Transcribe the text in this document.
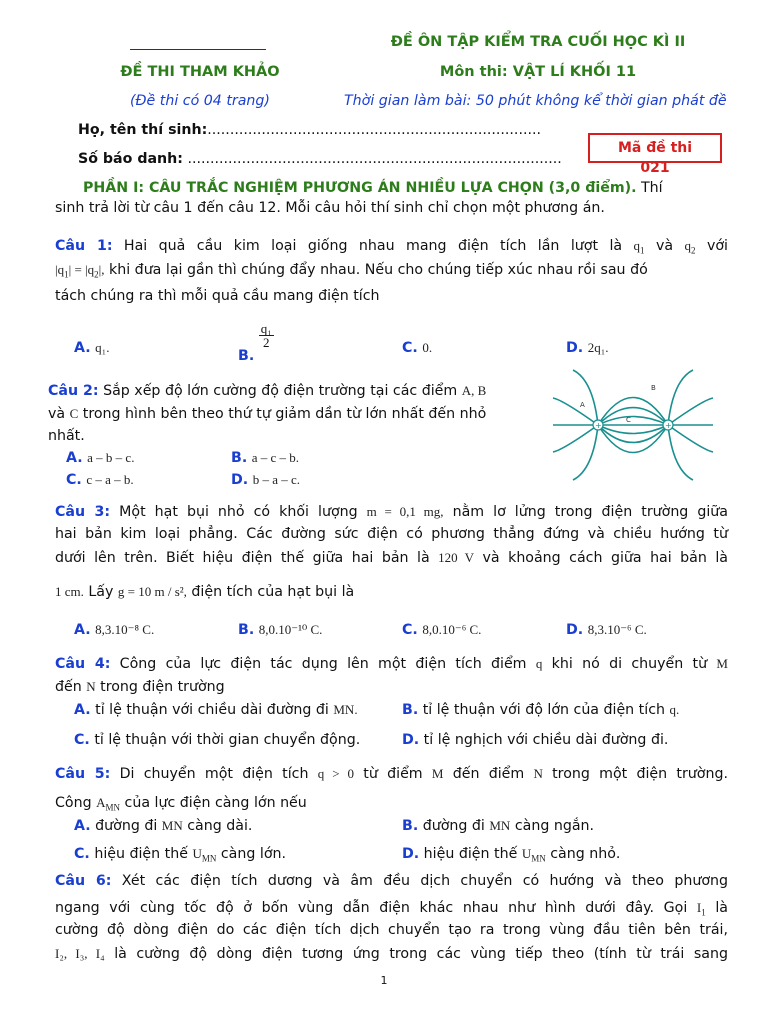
ĐỀ THI THAM KHẢO
(Đề thi có 04 trang)
ĐỀ ÔN TẬP KIỂM TRA CUỐI HỌC KÌ II
Môn thi: VẬT LÍ KHỐI 11
Thời gian làm bài: 50 phút không kể thời gian phát đề
Họ, tên thí sinh:..........................................................................
Số báo danh: ...................................................................................
Mã đề thi
021
PHẦN I: CÂU TRẮC NGHIỆM PHƯƠNG ÁN NHIỀU LỰA CHỌN (3,0 điểm). Thí
sinh trả lời từ câu 1 đến câu 12. Mỗi câu hỏi thí sinh chỉ chọn một phương án.
Câu 1: Hai quả cầu kim loại giống nhau mang điện tích lần lượt là $q_1$ và $q_2$ với
$|q_1| = |q_2|$, khi đưa lại gần thì chúng đẩy nhau. Nếu cho chúng tiếp xúc nhau rồi sau đó
tách chúng ra thì mỗi quả cầu mang điện tích
A. q₁.	B.
$\frac{\text{q₁}}{2}$	C. 0.	D. 2q₁.
Câu 2: Sắp xếp độ lớn cường độ điện trường tại các điểm A, B
và C trong hình bên theo thứ tự giảm dần từ lớn nhất đến nhỏ
nhất.
A. a – b – c.	B. a – c – b.
C. c – a – b.	D. b – a – c.
+	+
A
B
C
Câu 3: Một hạt bụi nhỏ có khối lượng m = 0,1 mg, nằm lơ lửng trong điện trường giữa
hai bản kim loại phẳng. Các đường sức điện có phương thẳng đứng và chiều hướng từ
dưới lên trên. Biết hiệu điện thế giữa hai bản là 120 V và khoảng cách giữa hai bản là
1 cm. Lấy g = 10 m / s², điện tích của hạt bụi là
A. 8,3.10⁻⁸ C.	B. 8,0.10⁻¹⁰ C.	C. 8,0.10⁻⁶ C.	D. 8,3.10⁻⁶ C.
Câu 4: Công của lực điện tác dụng lên một điện tích điểm q khi nó di chuyển từ M
đến N trong điện trường
A. tỉ lệ thuận với chiều dài đường đi MN.	B. tỉ lệ thuận với độ lớn của điện tích q.
C. tỉ lệ thuận với thời gian chuyển động.	D. tỉ lệ nghịch với chiều dài đường đi.
Câu 5: Di chuyển một điện tích q > 0 từ điểm M đến điểm N trong một điện trường.
Công $A_{MN}$ của lực điện càng lớn nếu
A. đường đi MN càng dài.	B. đường đi MN càng ngắn.
C. hiệu điện thế $U_{MN}$ càng lớn.	D. hiệu điện thế $U_{MN}$ càng nhỏ.
Câu 6: Xét các điện tích dương và âm đều dịch chuyển có hướng và theo phương
ngang với cùng tốc độ ở bốn vùng dẫn điện khác nhau như hình dưới đây. Gọi $I_1$ là
cường độ dòng điện do các điện tích dịch chuyển tạo ra trong vùng đầu tiên bên trái,
I₂, I₃, I₄ là cường độ dòng điện tương ứng trong các vùng tiếp theo (tính từ trái sang
1
